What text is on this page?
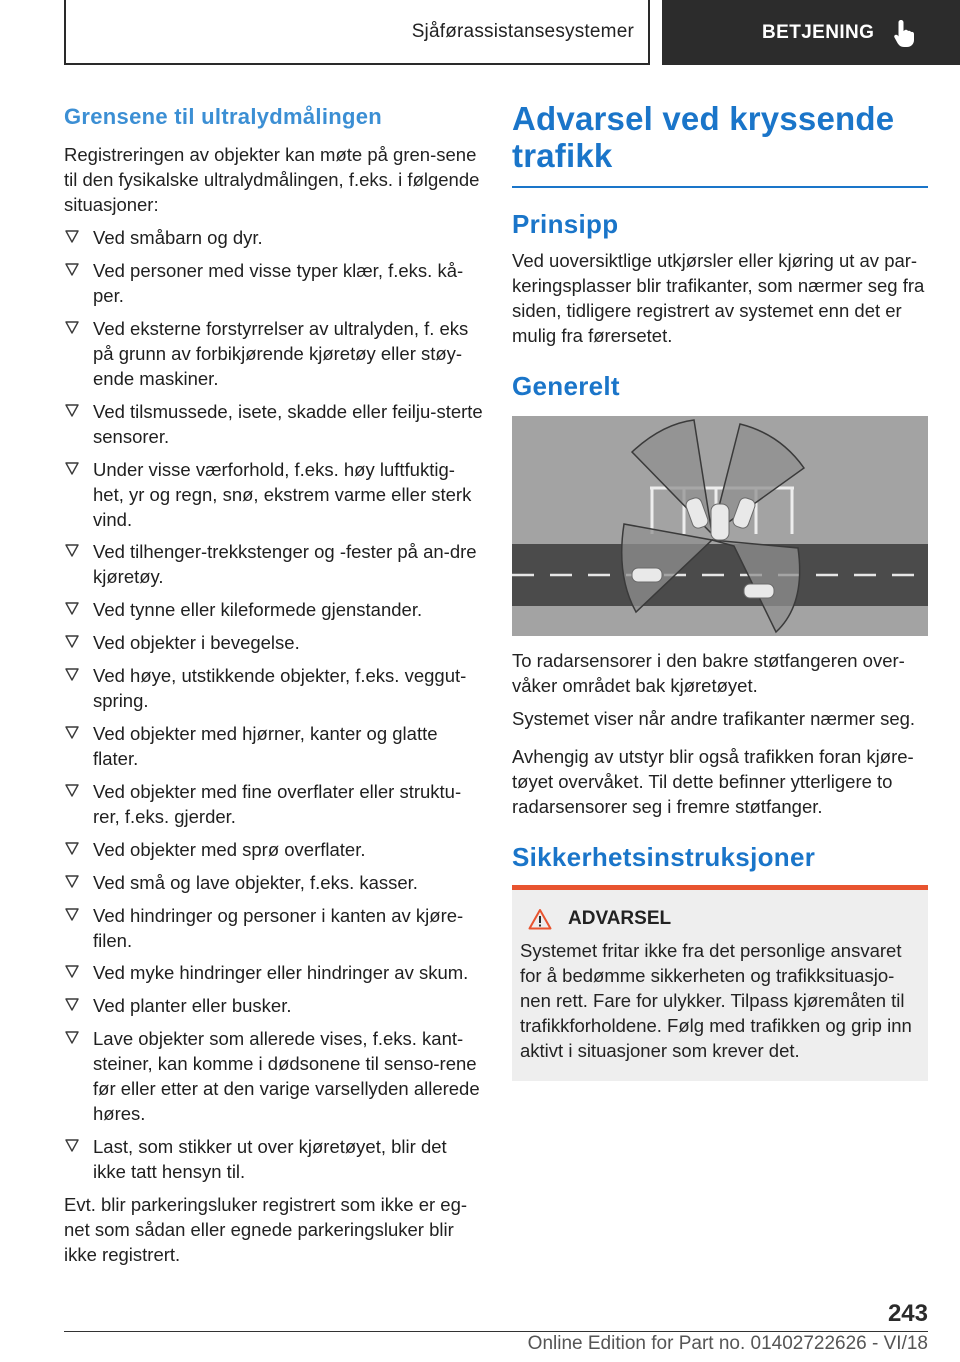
Sjåførassistansesystemer	BETJENING
Grensene til ultralydmålingen

Registreringen av objekter kan møte på gren‐sene til den fysikalske ultralydmålingen, f.eks. i følgende situasjoner:

Ved småbarn og dyr.
Ved personer med visse typer klær, f.eks. kå‐per.
Ved eksterne forstyrrelser av ultralyden, f. eks på grunn av forbikjørende kjøretøy eller støy‐ende maskiner.
Ved tilsmussede, isete, skadde eller feilju‐sterte sensorer.
Under visse værforhold, f.eks. høy luftfuktig‐het, yr og regn, snø, ekstrem varme eller sterk vind.
Ved tilhenger-trekkstenger og -fester på an‐dre kjøretøy.
Ved tynne eller kileformede gjenstander.
Ved objekter i bevegelse.
Ved høye, utstikkende objekter, f.eks. veggut‐spring.
Ved objekter med hjørner, kanter og glatte flater.
Ved objekter med fine overflater eller struktu‐rer, f.eks. gjerder.
Ved objekter med sprø overflater.
Ved små og lave objekter, f.eks. kasser.
Ved hindringer og personer i kanten av kjøre‐filen.
Ved myke hindringer eller hindringer av skum.
Ved planter eller busker.
Lave objekter som allerede vises, f.eks. kant‐steiner, kan komme i dødsonene til senso‐rene før eller etter at den varige varsellyden allerede høres.
Last, som stikker ut over kjøretøyet, blir det ikke tatt hensyn til.

Evt. blir parkeringsluker registrert som ikke er eg‐net som sådan eller egnede parkeringsluker blir ikke registrert.

Advarsel ved kryssende trafikk
Prinsipp

Ved uoversiktlige utkjørsler eller kjøring ut av par‐keringsplasser blir trafikanter, som nærmer seg fra siden, tidligere registrert av systemet enn det er mulig fra førersetet.

Generelt

To radarsensorer i den bakre støtfangeren over‐våker området bak kjøretøyet.

Systemet viser når andre trafikanter nærmer seg.

Avhengig av utstyr blir også trafikken foran kjøre‐tøyet overvåket. Til dette befinner ytterligere to radarsensorer seg i fremre støtfanger.

Sikkerhetsinstruksjoner
ADVARSEL

Systemet fritar ikke fra det personlige ansvaret for å bedømme sikkerheten og trafikksituasjo‐nen rett. Fare for ulykker. Tilpass kjøremåten til trafikkforholdene. Følg med trafikken og grip inn aktivt i situasjoner som krever det.

243
Online Edition for Part no. 01402722626 - VI/18
